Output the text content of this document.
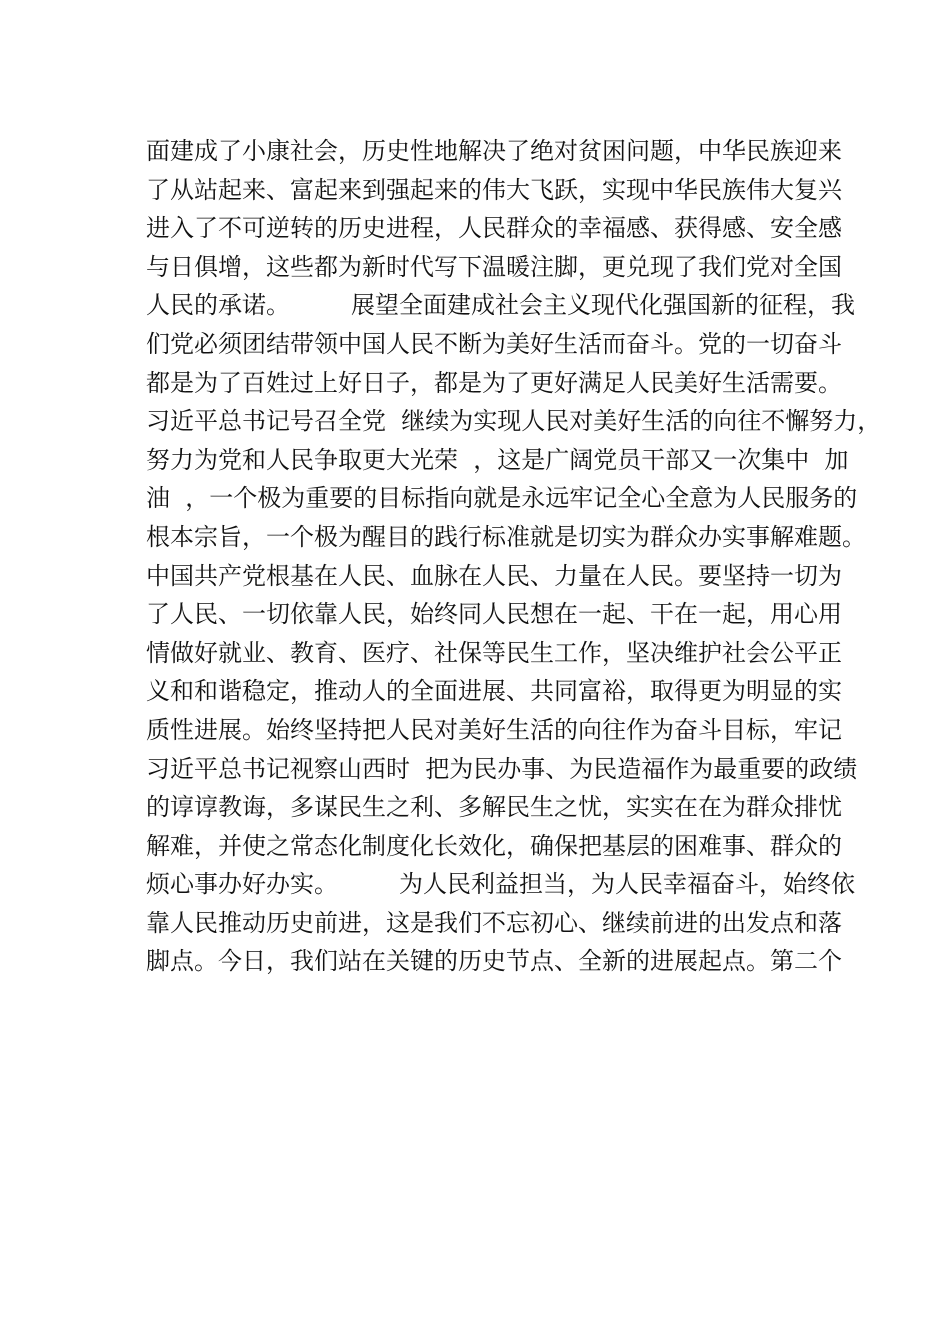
面建成了小康社会，历史性地解决了绝对贫困问题，中华民族迎来
了从站起来、富起来到强起来的伟大飞跃，实现中华民族伟大复兴
进入了不可逆转的历史进程，人民群众的幸福感、获得感、安全感
与日俱增，这些都为新时代写下温暖注脚，更兑现了我们党对全国
人民的承诺。        展望全面建成社会主义现代化强国新的征程，我
们党必须团结带领中国人民不断为美好生活而奋斗。党的一切奋斗
都是为了百姓过上好日子，都是为了更好满足人民美好生活需要。
习近平总书记号召全党  继续为实现人民对美好生活的向往不懈努力，
努力为党和人民争取更大光荣  ，这是广阔党员干部又一次集中  加
油  ，一个极为重要的目标指向就是永远牢记全心全意为人民服务的
根本宗旨，一个极为醒目的践行标准就是切实为群众办实事解难题。
中国共产党根基在人民、血脉在人民、力量在人民。要坚持一切为
了人民、一切依靠人民，始终同人民想在一起、干在一起，用心用
情做好就业、教育、医疗、社保等民生工作，坚决维护社会公平正
义和和谐稳定，推动人的全面进展、共同富裕，取得更为明显的实
质性进展。始终坚持把人民对美好生活的向往作为奋斗目标，牢记
习近平总书记视察山西时  把为民办事、为民造福作为最重要的政绩
的谆谆教诲，多谋民生之利、多解民生之忧，实实在在为群众排忧
解难，并使之常态化制度化长效化，确保把基层的困难事、群众的
烦心事办好办实。        为人民利益担当，为人民幸福奋斗，始终依
靠人民推动历史前进，这是我们不忘初心、继续前进的出发点和落
脚点。今日，我们站在关键的历史节点、全新的进展起点。第二个
